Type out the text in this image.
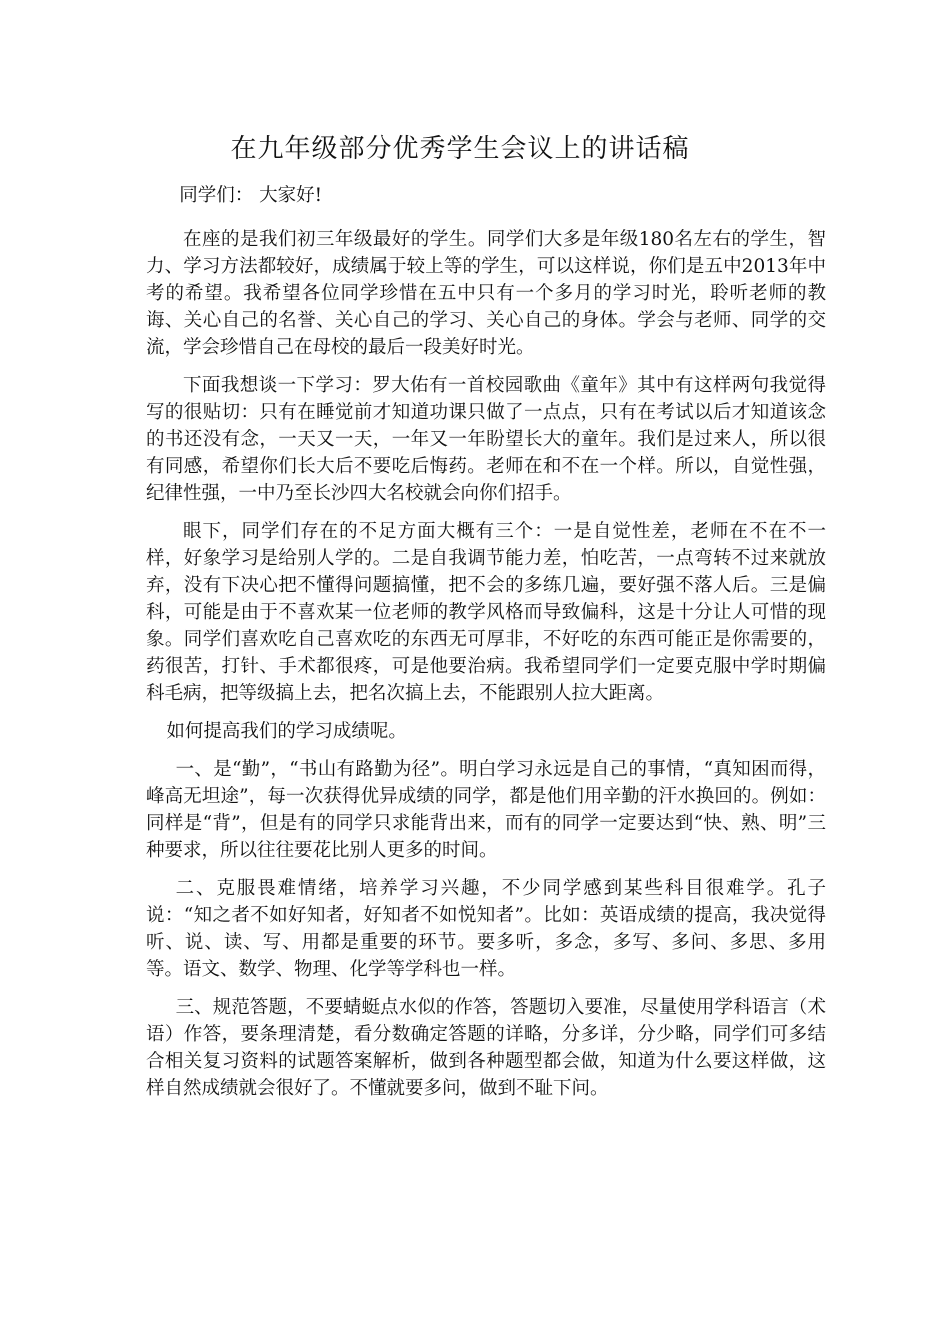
在九年级部分优秀学生会议上的讲话稿

同学们： 大家好!

在座的是我们初三年级最好的学生。同学们大多是年级180名左右的学生，智力、学习方法都较好，成绩属于较上等的学生，可以这样说，你们是五中2013年中考的希望。我希望各位同学珍惜在五中只有一个多月的学习时光，聆听老师的教诲、关心自己的名誉、关心自己的学习、关心自己的身体。学会与老师、同学的交流，学会珍惜自己在母校的最后一段美好时光。

下面我想谈一下学习：罗大佑有一首校园歌曲《童年》其中有这样两句我觉得写的很贴切：只有在睡觉前才知道功课只做了一点点，只有在考试以后才知道该念的书还没有念，一天又一天，一年又一年盼望长大的童年。我们是过来人，所以很有同感，希望你们长大后不要吃后悔药。老师在和不在一个样。所以，自觉性强，纪律性强，一中乃至长沙四大名校就会向你们招手。

眼下，同学们存在的不足方面大概有三个：一是自觉性差，老师在不在不一样，好象学习是给别人学的。二是自我调节能力差，怕吃苦，一点弯转不过来就放弃，没有下决心把不懂得问题搞懂，把不会的多练几遍，要好强不落人后。三是偏科，可能是由于不喜欢某一位老师的教学风格而导致偏科，这是十分让人可惜的现象。同学们喜欢吃自己喜欢吃的东西无可厚非，不好吃的东西可能正是你需要的，药很苦，打针、手术都很疼，可是他要治病。我希望同学们一定要克服中学时期偏科毛病，把等级搞上去，把名次搞上去，不能跟别人拉大距离。

如何提高我们的学习成绩呢。

一、是“勤”，“书山有路勤为径”。明白学习永远是自己的事情，“真知困而得，峰高无坦途”，每一次获得优异成绩的同学，都是他们用辛勤的汗水换回的。例如：同样是“背”，但是有的同学只求能背出来，而有的同学一定要达到“快、熟、明”三种要求，所以往往要花比别人更多的时间。

二、克服畏难情绪，培养学习兴趣，不少同学感到某些科目很难学。孔子说：“知之者不如好知者，好知者不如悦知者”。比如：英语成绩的提高，我决觉得听、说、读、写、用都是重要的环节。要多听，多念，多写、多问、多思、多用等。语文、数学、物理、化学等学科也一样。

三、规范答题，不要蜻蜓点水似的作答，答题切入要准，尽量使用学科语言（术语）作答，要条理清楚，看分数确定答题的详略，分多详，分少略，同学们可多结合相关复习资料的试题答案解析，做到各种题型都会做，知道为什么要这样做，这样自然成绩就会很好了。不懂就要多问，做到不耻下问。
